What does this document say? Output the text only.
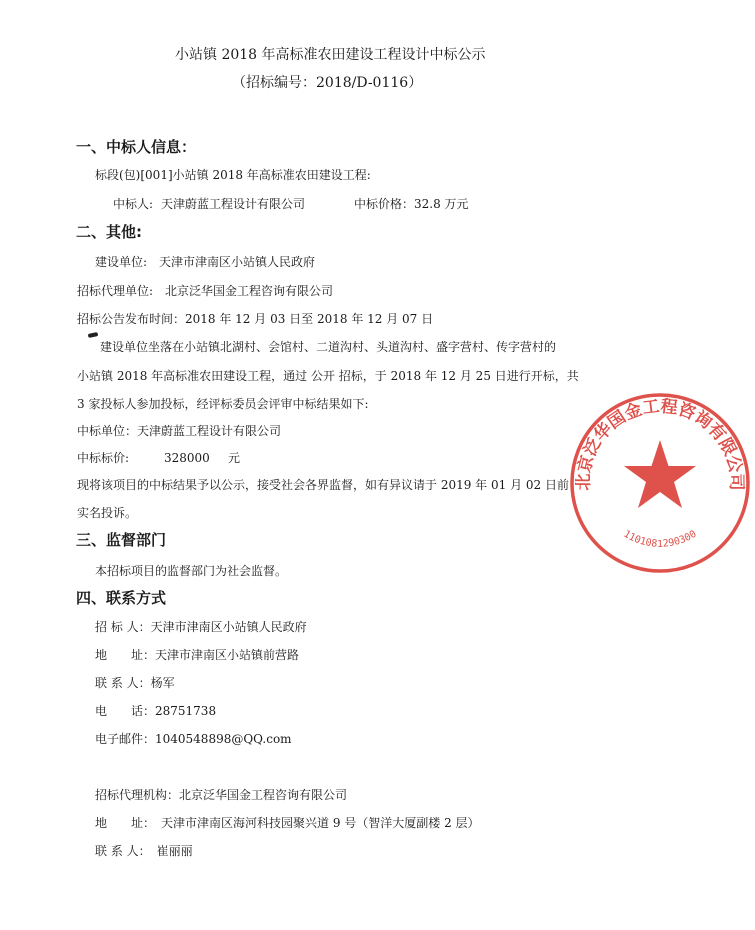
小站镇 2018 年高标准农田建设工程设计中标公示
（招标编号：2018/D-0116）
一、中标人信息：
标段(包)[001]小站镇 2018 年高标准农田建设工程:
中标人: 天津蔚蓝工程设计有限公司	中标价格： 32.8 万元
二、其他:
建设单位:　天津市津南区小站镇人民政府
招标代理单位:　北京泛华国金工程咨询有限公司
招标公告发布时间：2018 年 12 月 03 日至 2018 年 12 月 07 日
建设单位坐落在小站镇北湖村、会馆村、二道沟村、头道沟村、盛字营村、传字营村的
小站镇 2018 年高标准农田建设工程，通过 公开 招标，于 2018 年 12 月 25 日进行开标，共
3 家投标人参加投标，经评标委员会评审中标结果如下:
中标单位：天津蔚蓝工程设计有限公司
中标标价:	328000 元
现将该项目的中标结果予以公示，接受社会各界监督，如有异议请于 2019 年 01 月 02 日前
实名投诉。
三、监督部门
本招标项目的监督部门为社会监督。
四、联系方式
招 标 人：天津市津南区小站镇人民政府
地　　址：天津市津南区小站镇前营路
联 系 人：杨军
电　　话：28751738
电子邮件：1040548898@QQ.com
招标代理机构：北京泛华国金工程咨询有限公司
地　　址：　天津市津南区海河科技园聚兴道 9 号（智洋大厦副楼 2 层）
联 系 人：　崔丽丽
北京泛华国金工程咨询有限公司
1101081290300
